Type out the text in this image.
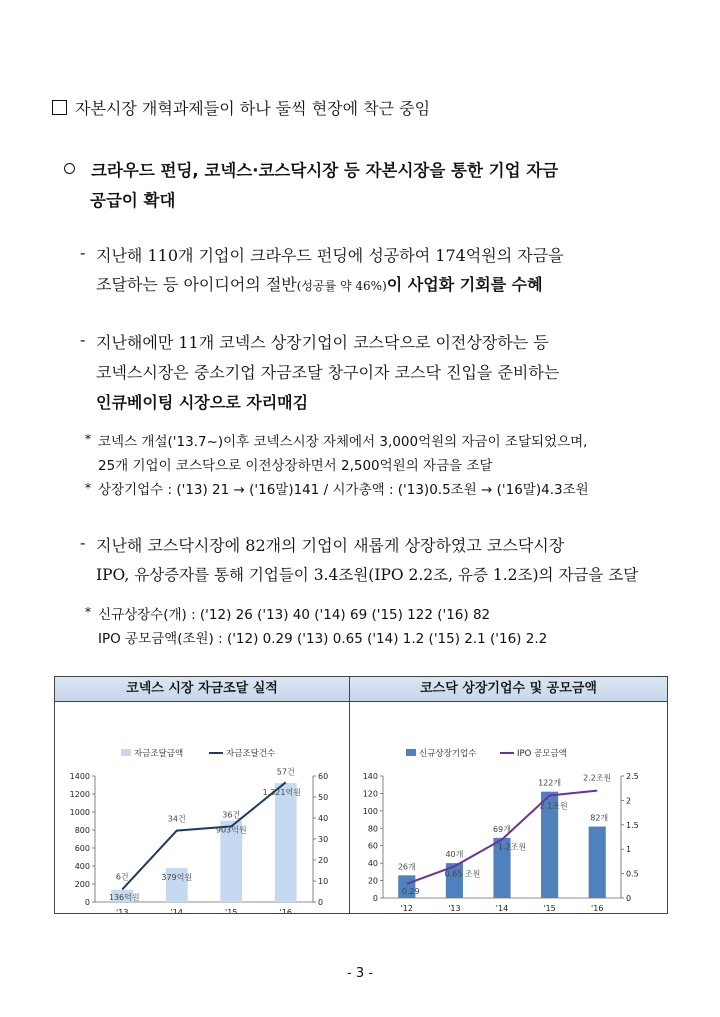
자본시장 개혁과제들이 하나 둘씩 현장에 착근 중임
크라우드 펀딩, 코넥스·코스닥시장 등 자본시장을 통한 기업 자금
공급이 확대
- 지난해 110개 기업이 크라우드 펀딩에 성공하여 174억원의 자금을
조달하는 등 아이디어의 절반(성공률 약 46%)이 사업화 기회를 수혜
- 지난해에만 11개 코넥스 상장기업이 코스닥으로 이전상장하는 등
코넥스시장은 중소기업 자금조달 창구이자 코스닥 진입을 준비하는
인큐베이팅 시장으로 자리매김
* 코넥스 개설('13.7~)이후 코넥스시장 자체에서 3,000억원의 자금이 조달되었으며,
25개 기업이 코스닥으로 이전상장하면서 2,500억원의 자금을 조달
* 상장기업수 : ('13) 21 → ('16말)141 / 시가총액 : ('13)0.5조원 → ('16말)4.3조원
- 지난해 코스닥시장에 82개의 기업이 새롭게 상장하였고 코스닥시장
IPO, 유상증자를 통해 기업들이 3.4조원(IPO 2.2조, 유증 1.2조)의 자금을 조달
* 신규상장수(개) : ('12) 26 ('13) 40 ('14) 69 ('15) 122 ('16) 82
IPO 공모금액(조원) : ('12) 0.29 ('13) 0.65 ('14) 1.2 ('15) 2.1 ('16) 2.2
코넥스 시장 자금조달 실적
자금조달금액	자금조달건수
0
200
400
600
800
1000
1200
1400
0
10
20
30
40
50
60
'13	'14	'15	'16
136억원
6건	379억원
34건
903억원
36건
1,321억원
57건
코스닥 상장기업수 및 공모금액
신규상장기업수	IPO 공모금액
0
20
40
60
80
100
120
140
0
0.5
1
1.5
2
2.5
'12	'13	'14	'15	'16
26개
0.29
40개
0.65 조원
69개
1.2조원
122개
2.1조원
82개
2.2조원
- 3 -
